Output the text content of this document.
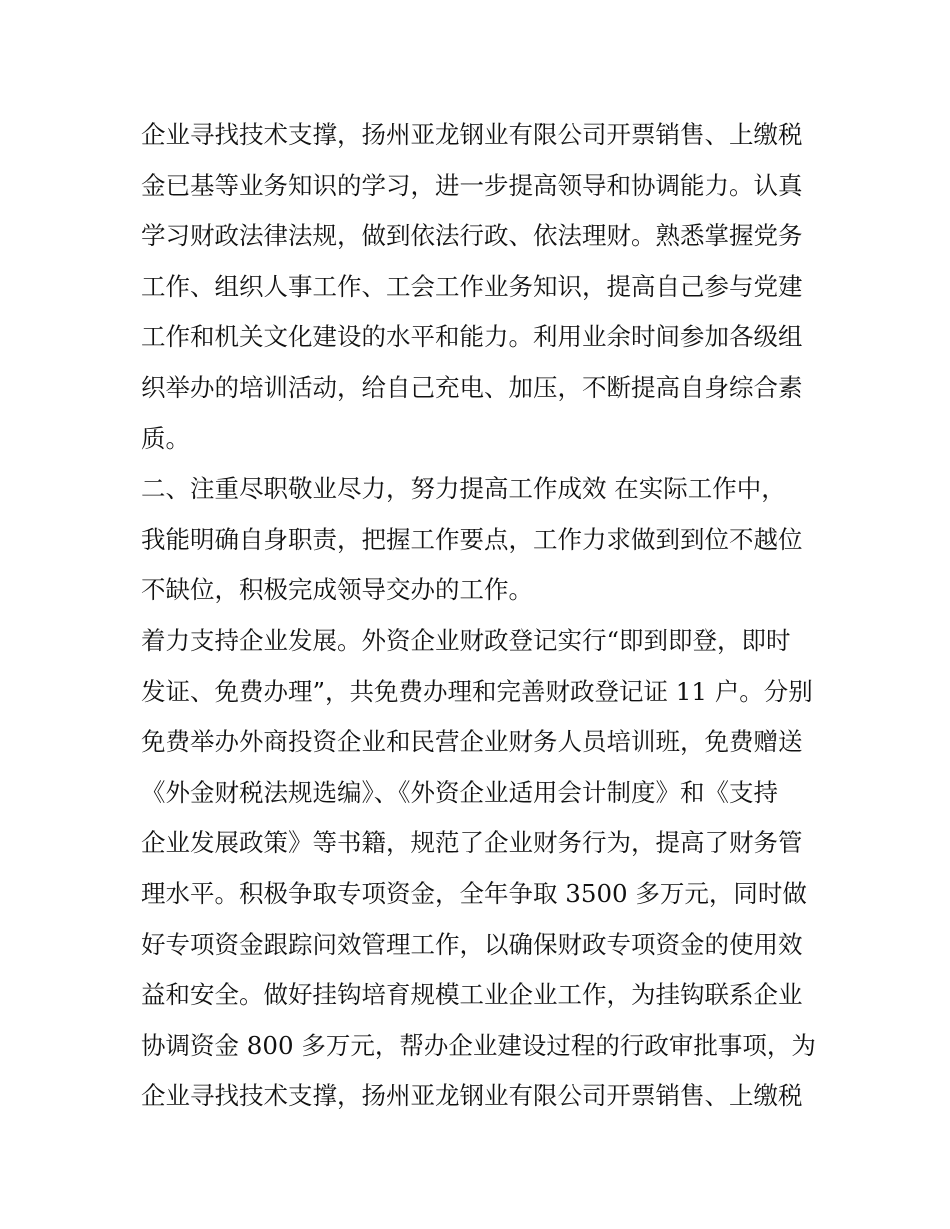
企业寻找技术支撑，扬州亚龙钢业有限公司开票销售、上缴税
金已基等业务知识的学习，进一步提高领导和协调能力。认真
学习财政法律法规，做到依法行政、依法理财。熟悉掌握党务
工作、组织人事工作、工会工作业务知识，提高自己参与党建
工作和机关文化建设的水平和能力。利用业余时间参加各级组
织举办的培训活动，给自己充电、加压，不断提高自身综合素
质。
二、注重尽职敬业尽力，努力提高工作成效 在实际工作中，
我能明确自身职责，把握工作要点，工作力求做到到位不越位
不缺位，积极完成领导交办的工作。
着力支持企业发展。外资企业财政登记实行“即到即登，即时
发证、免费办理”，共免费办理和完善财政登记证 11 户。分别
免费举办外商投资企业和民营企业财务人员培训班，免费赠送
《外金财税法规选编》、《外资企业适用会计制度》和《支持
企业发展政策》等书籍，规范了企业财务行为，提高了财务管
理水平。积极争取专项资金，全年争取 3500 多万元，同时做
好专项资金跟踪问效管理工作，以确保财政专项资金的使用效
益和安全。做好挂钩培育规模工业企业工作，为挂钩联系企业
协调资金 800 多万元，帮办企业建设过程的行政审批事项，为
企业寻找技术支撑，扬州亚龙钢业有限公司开票销售、上缴税
